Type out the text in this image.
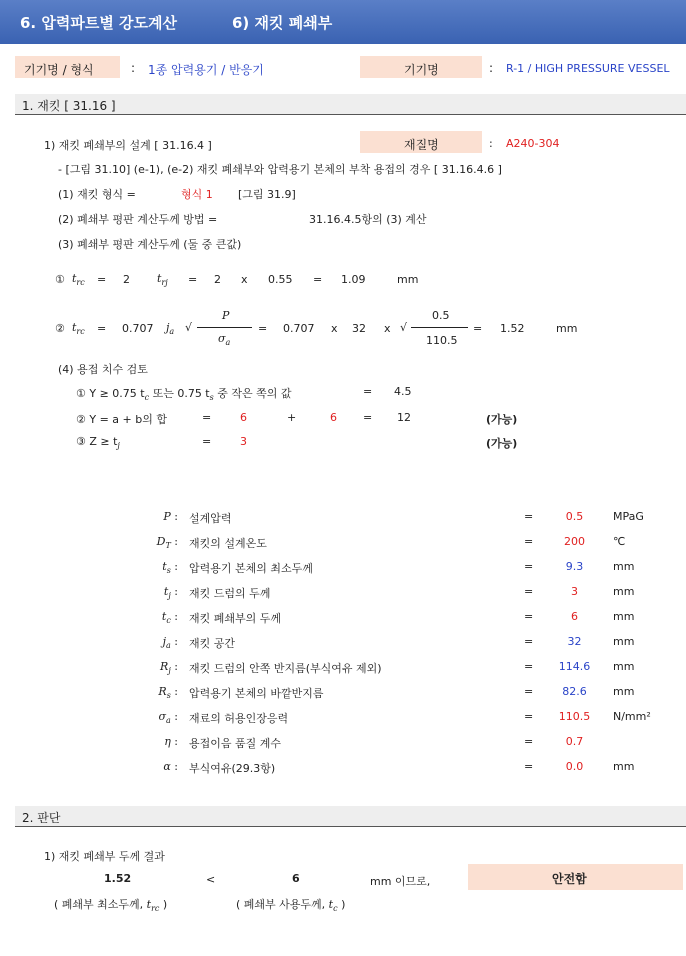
6. 압력파트별 강도계산	6) 재킷 폐쇄부
기기명 / 형식	: 1종 압력용기 / 반응기	기기명	: R-1 / HIGH PRESSURE VESSEL
1. 재킷 [ 31.16 ]
1) 재킷 폐쇄부의 설계 [ 31.16.4 ]	재질명	: A240-304
- [그림 31.10] (e-1), (e-2) 재킷 폐쇄부와 압력용기 본체의 부착 용접의 경우 [ 31.16.4.6 ]
(1) 재킷 형식 =	형식 1 [그림 31.9]
(2) 폐쇄부 평판 계산두께 방법 =	31.16.4.5항의 (3) 계산
(3) 폐쇄부 평판 계산두께 (둘 중 큰값)
① $t_{rc} = 2$ $t_{rj} = 2$ x 0.55 = 1.09	mm
② $t_{rc} = 0.707$ $j_a$ √
P
$\sigma_a$
= 0.707 x 32 x √
0.5
110.5
= 1.52	mm
(4) 용접 치수 검토
① Y ≥ 0.75 $t_c$ 또는 0.75 $t_s$ 중 작은 쪽의 값	= 4.5
② Y = a + b의 합	=	6	+	6 = 12	(가능)
③ $Z \ge t_j$	=	3	(가능)
P : 설계압력	=	0.5	MPaG
$D_T$ : 재킷의 설계온도	=	200	℃
$t_s$ : 압력용기 본체의 최소두께	=	9.3	mm
$t_j$ : 재킷 드럼의 두께	=	3	mm
$t_c$ : 재킷 폐쇄부의 두께	=	6	mm
$j_a$ : 재킷 공간	=	32	mm
$R_j$ : 재킷 드럼의 안쪽 반지름(부식여유 제외)	=	114.6	mm
$R_s$ : 압력용기 본체의 바깥반지름	=	82.6	mm
$\sigma_a$ : 재료의 허용인장응력	=	110.5	N/mm²
η : 용접이음 품질 계수	=	0.7
α : 부식여유(29.3항)	=	0.0	mm
2. 판단
1) 재킷 폐쇄부 두께 결과
1.52	<	6	mm 이므로,	안전함
( 폐쇄부 최소두께, $t_{rc}$ )	( 폐쇄부 사용두께, $t_c$ )
